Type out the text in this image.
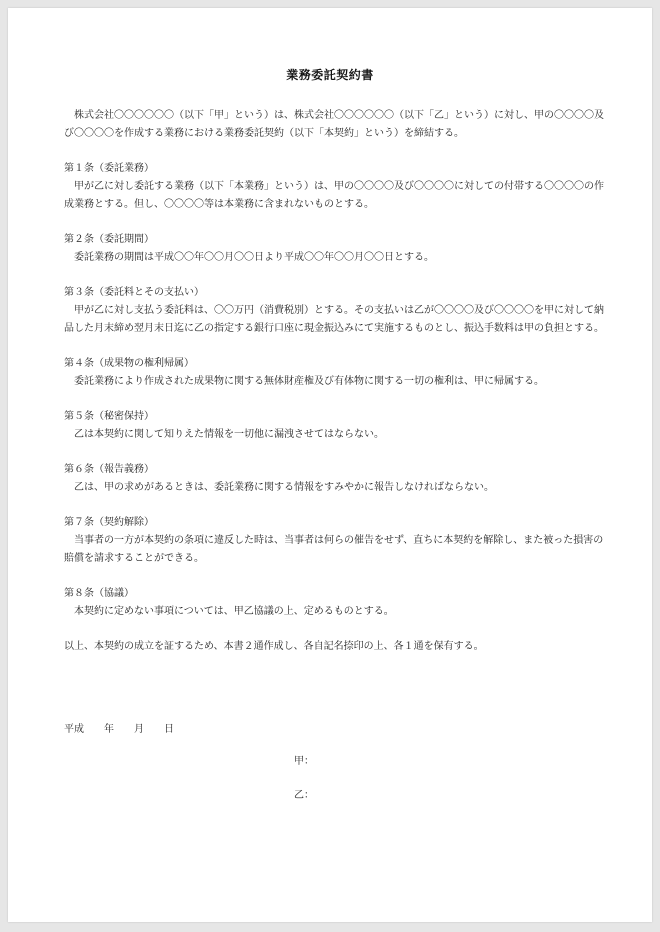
業務委託契約書

株式会社〇〇〇〇〇〇（以下「甲」という）は、株式会社〇〇〇〇〇〇（以下「乙」という）に対し、甲の〇〇〇〇及び〇〇〇〇を作成する業務における業務委託契約（以下「本契約」という）を締結する。

第１条（委託業務）

甲が乙に対し委託する業務（以下「本業務」という）は、甲の〇〇〇〇及び〇〇〇〇に対しての付帯する〇〇〇〇の作成業務とする。但し、〇〇〇〇等は本業務に含まれないものとする。

第２条（委託期間）

委託業務の期間は平成〇〇年〇〇月〇〇日より平成〇〇年〇〇月〇〇日とする。

第３条（委託料とその支払い）

甲が乙に対し支払う委託料は、〇〇万円（消費税別）とする。その支払いは乙が〇〇〇〇及び〇〇〇〇を甲に対して納品した月末締め翌月末日迄に乙の指定する銀行口座に現金振込みにて実施するものとし、振込手数料は甲の負担とする。

第４条（成果物の権利帰属）

委託業務により作成された成果物に関する無体財産権及び有体物に関する一切の権利は、甲に帰属する。

第５条（秘密保持）

乙は本契約に関して知りえた情報を一切他に漏洩させてはならない。

第６条（報告義務）

乙は、甲の求めがあるときは、委託業務に関する情報をすみやかに報告しなければならない。

第７条（契約解除）

当事者の一方が本契約の条項に違反した時は、当事者は何らの催告をせず、直ちに本契約を解除し、また被った損害の賠償を請求することができる。

第８条（協議）

本契約に定めない事項については、甲乙協議の上、定めるものとする。

以上、本契約の成立を証するため、本書２通作成し、各自記名捺印の上、各１通を保有する。

平成　　年　　月　　日
甲：
乙：
